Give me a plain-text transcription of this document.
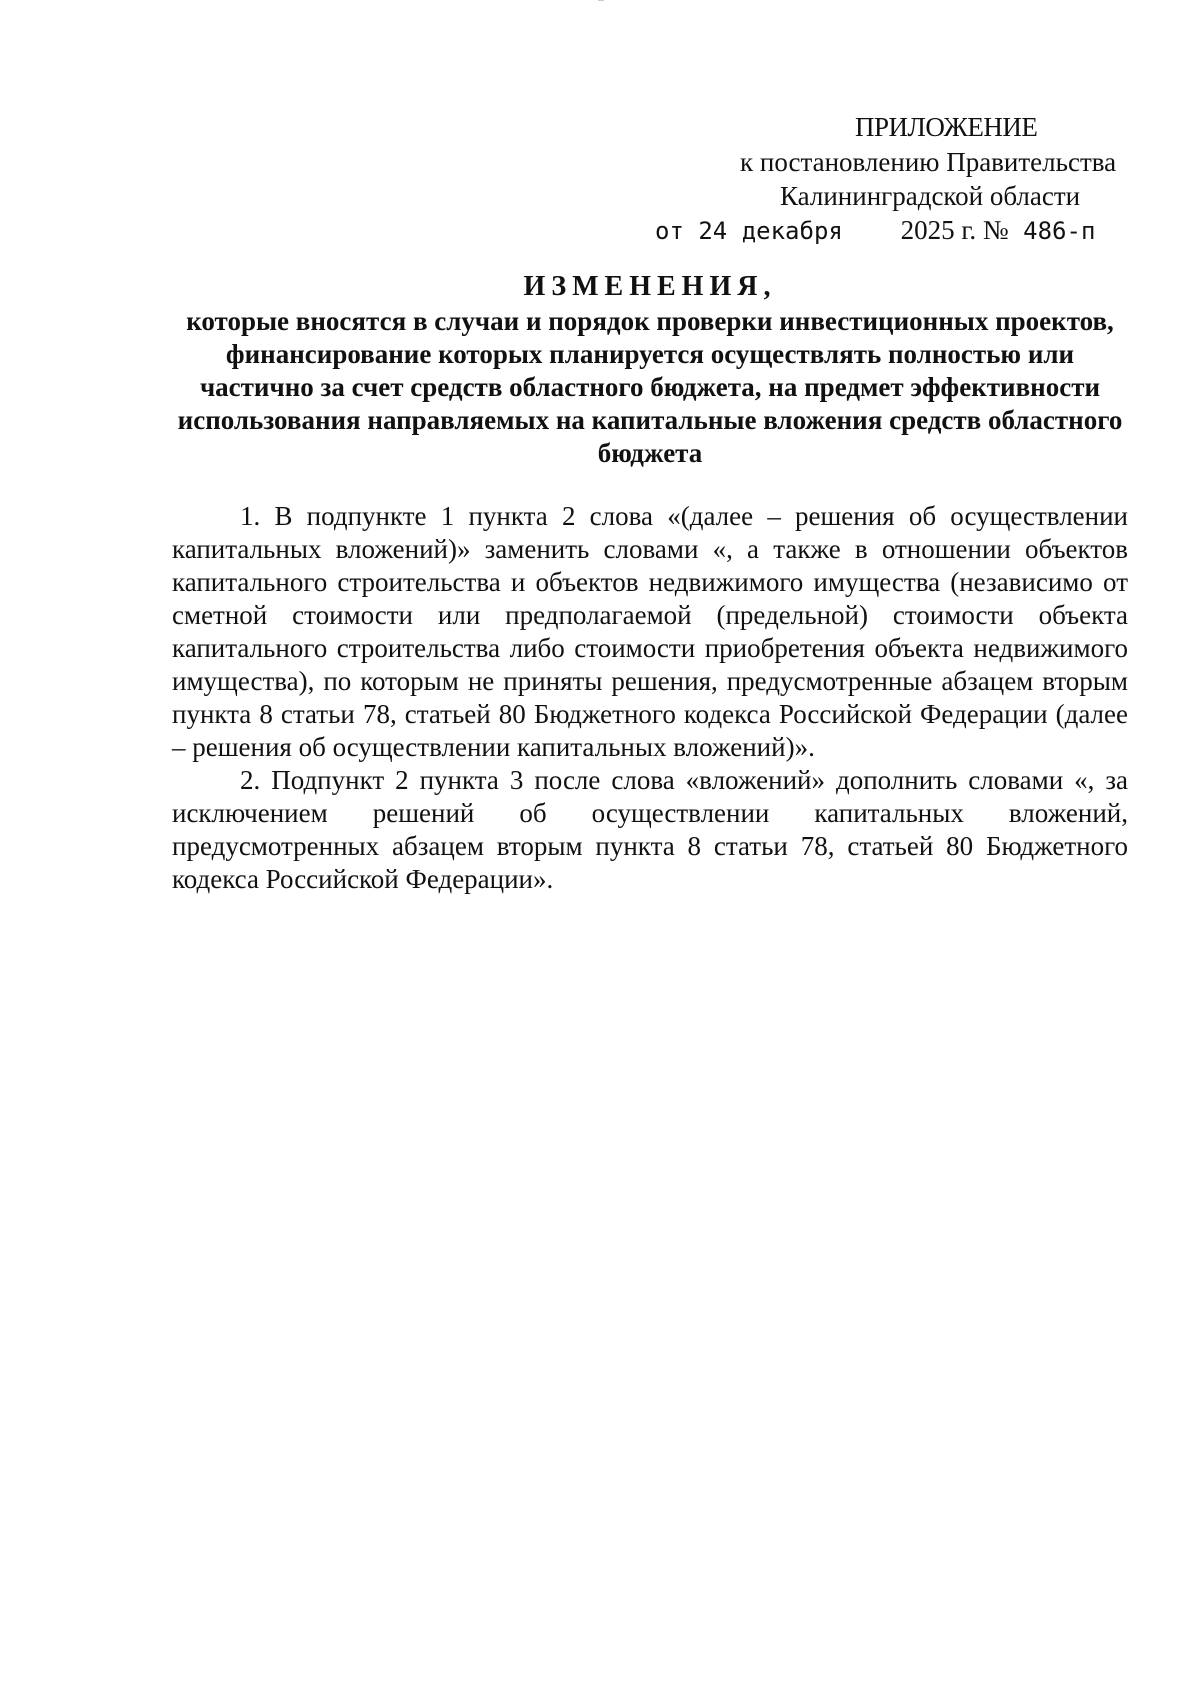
ПРИЛОЖЕНИЕ
к постановлению Правительства
Калининградской области
от 24 декабря 2025 г. № 486-п
ИЗМЕНЕНИЯ,
которые вносятся в случаи и порядок проверки инвестиционных проектов, финансирование которых планируется осуществлять полностью или частично за счет средств областного бюджета, на предмет эффективности использования направляемых на капитальные вложения средств областного бюджета

1. В подпункте 1 пункта 2 слова «(далее – решения об осуществлении капитальных вложений)» заменить словами «, а также в отношении объектов капитального строительства и объектов недвижимого имущества (независимо от сметной стоимости или предполагаемой (предельной) стоимости объекта капитального строительства либо стоимости приобретения объекта недвижимого имущества), по которым не приняты решения, предусмотренные абзацем вторым пункта 8 статьи 78, статьей 80 Бюджетного кодекса Российской Федерации (далее – решения об осуществлении капитальных вложений)».

2. Подпункт 2 пункта 3 после слова «вложений» дополнить словами «, за исключением решений об осуществлении капитальных вложений, предусмотренных абзацем вторым пункта 8 статьи 78, статьей 80 Бюджетного кодекса Российской Федерации».
